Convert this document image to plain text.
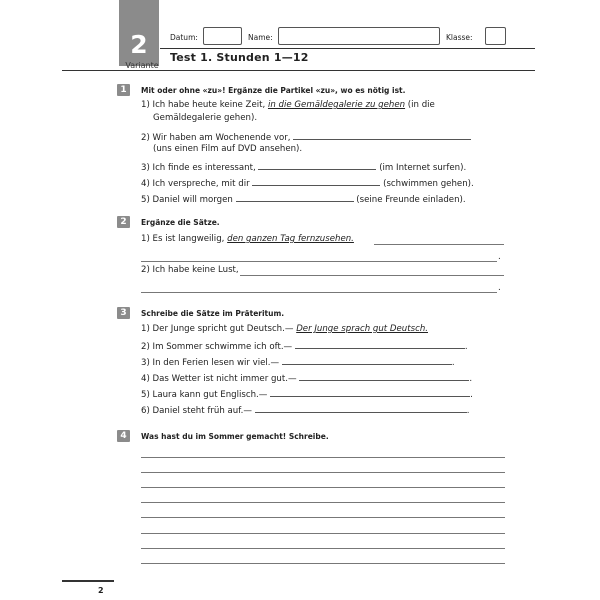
2
Variante
Datum:	Name:	Klasse:
Test 1. Stunden 1—12
1	Mit oder ohne «zu»! Ergänze die Partikel «zu», wo es nötig ist.
1) Ich habe heute keine Zeit, in die Gemäldegalerie zu gehen (in die
Gemäldegalerie gehen).
2) Wir haben am Wochenende vor,
(uns einen Film auf DVD ansehen).
3) Ich finde es interessant,	(im Internet surfen).
4) Ich verspreche, mit dir	(schwimmen gehen).
5) Daniel will morgen	(seine Freunde einladen).
2	Ergänze die Sätze.
1) Es ist langweilig, den ganzen Tag fernzusehen.
.
2) Ich habe keine Lust,
.
3	Schreibe die Sätze im Präteritum.
1) Der Junge spricht gut Deutsch.— Der Junge sprach gut Deutsch.
2) Im Sommer schwimme ich oft.—	.
3) In den Ferien lesen wir viel.—	.
4) Das Wetter ist nicht immer gut.—	.
5) Laura kann gut Englisch.—	.
6) Daniel steht früh auf.—	.
4	Was hast du im Sommer gemacht! Schreibe.
2
